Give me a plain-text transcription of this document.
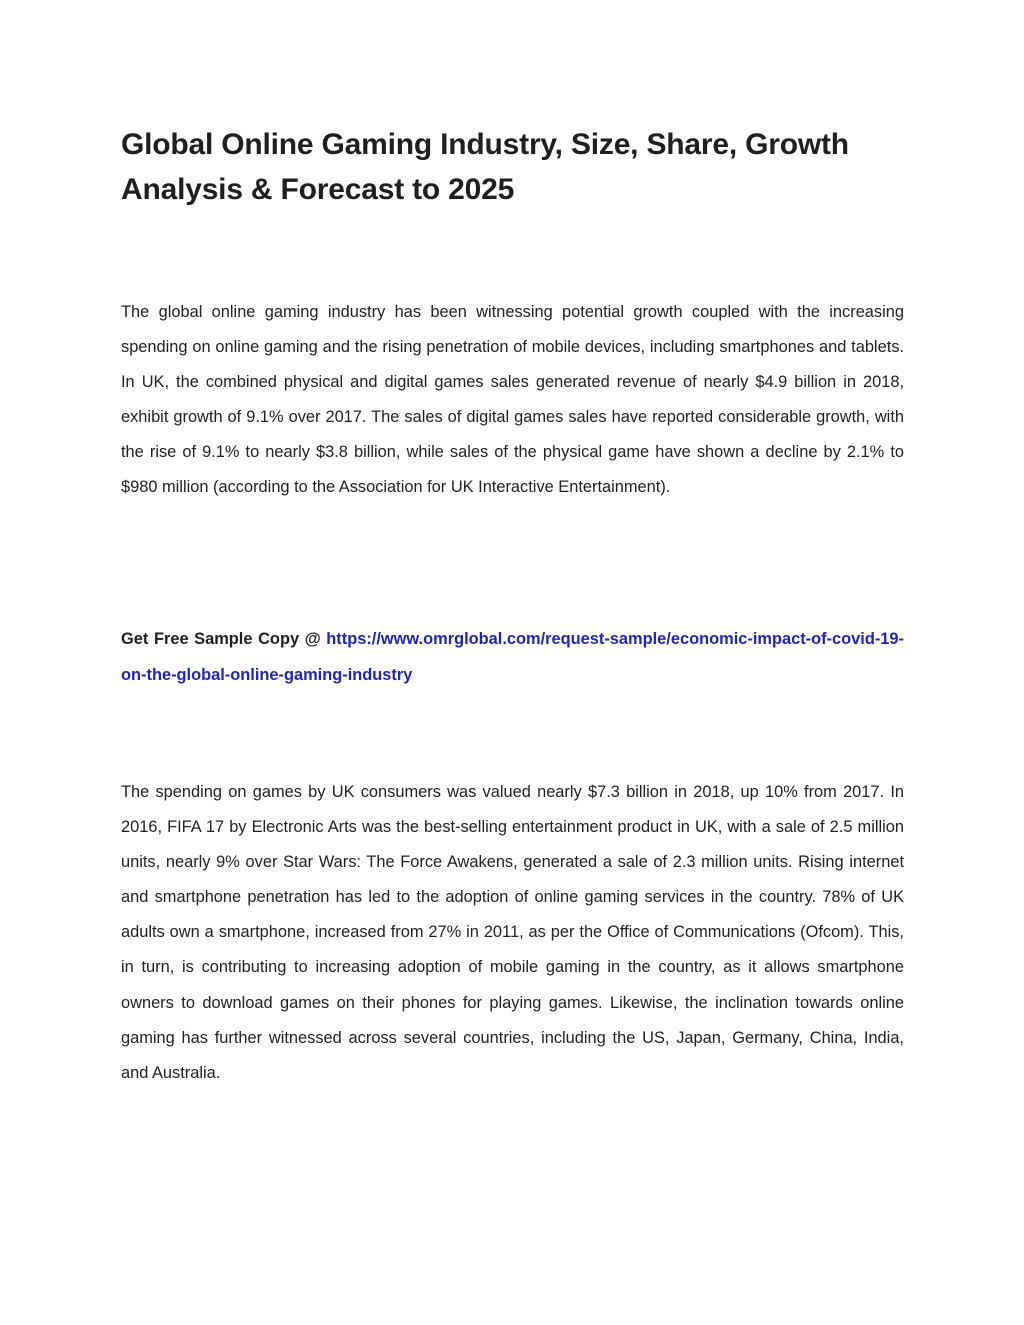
Global Online Gaming Industry, Size, Share, Growth Analysis & Forecast to 2025

The global online gaming industry has been witnessing potential growth coupled with the increasing spending on online gaming and the rising penetration of mobile devices, including smartphones and tablets. In UK, the combined physical and digital games sales generated revenue of nearly $4.9 billion in 2018, exhibit growth of 9.1% over 2017. The sales of digital games sales have reported considerable growth, with the rise of 9.1% to nearly $3.8 billion, while sales of the physical game have shown a decline by 2.1% to $980 million (according to the Association for UK Interactive Entertainment).

Get Free Sample Copy @ https://www.omrglobal.com/request-sample/economic-impact-of-covid-19-on-the-global-online-gaming-industry

The spending on games by UK consumers was valued nearly $7.3 billion in 2018, up 10% from 2017. In 2016, FIFA 17 by Electronic Arts was the best-selling entertainment product in UK, with a sale of 2.5 million units, nearly 9% over Star Wars: The Force Awakens, generated a sale of 2.3 million units. Rising internet and smartphone penetration has led to the adoption of online gaming services in the country. 78% of UK adults own a smartphone, increased from 27% in 2011, as per the Office of Communications (Ofcom). This, in turn, is contributing to increasing adoption of mobile gaming in the country, as it allows smartphone owners to download games on their phones for playing games. Likewise, the inclination towards online gaming has further witnessed across several countries, including the US, Japan, Germany, China, India, and Australia.
